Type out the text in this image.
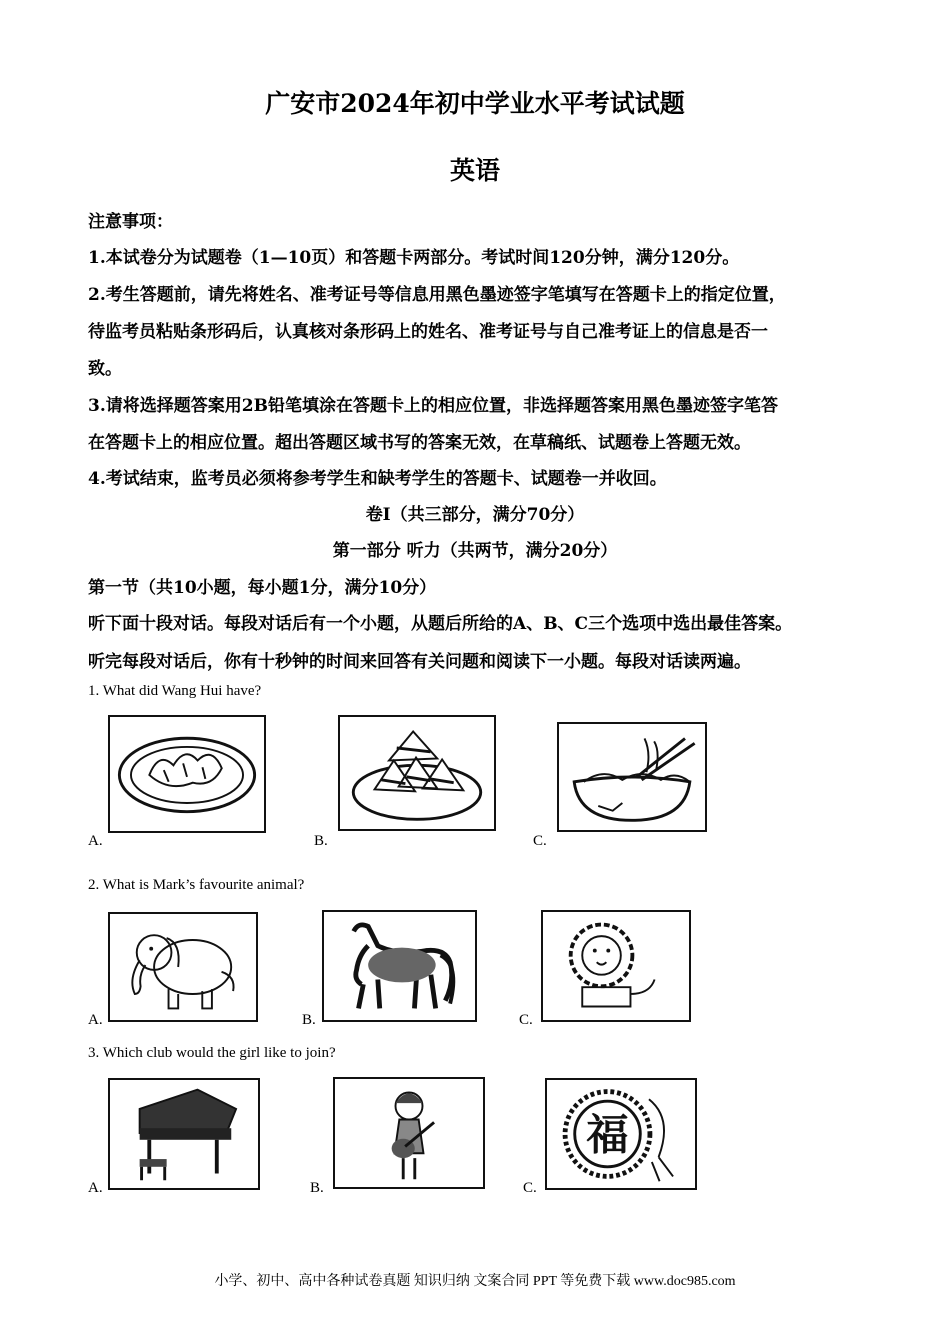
广安市2024年初中学业水平考试试题
英语
注意事项：
1.本试卷分为试题卷（1—10页）和答题卡两部分。考试时间120分钟，满分120分。
2.考生答题前，请先将姓名、准考证号等信息用黑色墨迹签字笔填写在答题卡上的指定位置，
待监考员粘贴条形码后，认真核对条形码上的姓名、准考证号与自己准考证上的信息是否一
致。
3.请将选择题答案用2B铅笔填涂在答题卡上的相应位置，非选择题答案用黑色墨迹签字笔答
在答题卡上的相应位置。超出答题区域书写的答案无效，在草稿纸、试题卷上答题无效。
4.考试结束，监考员必须将参考学生和缺考学生的答题卡、试题卷一并收回。
卷Ⅰ（共三部分，满分70分）
第一部分 听力（共两节，满分20分）
第一节（共10小题，每小题1分，满分10分）
听下面十段对话。每段对话后有一个小题，从题后所给的A、B、C三个选项中选出最佳答案。
听完每段对话后，你有十秒钟的时间来回答有关问题和阅读下一小题。每段对话读两遍。
1. What did Wang Hui have?
A.	B.	C.
2. What is Mark’s favourite animal?
A.	B.	C.
3. Which club would the girl like to join?
A.	B.
福
C.
小学、初中、高中各种试卷真题 知识归纳 文案合同 PPT 等免费下载 www.doc985.com
